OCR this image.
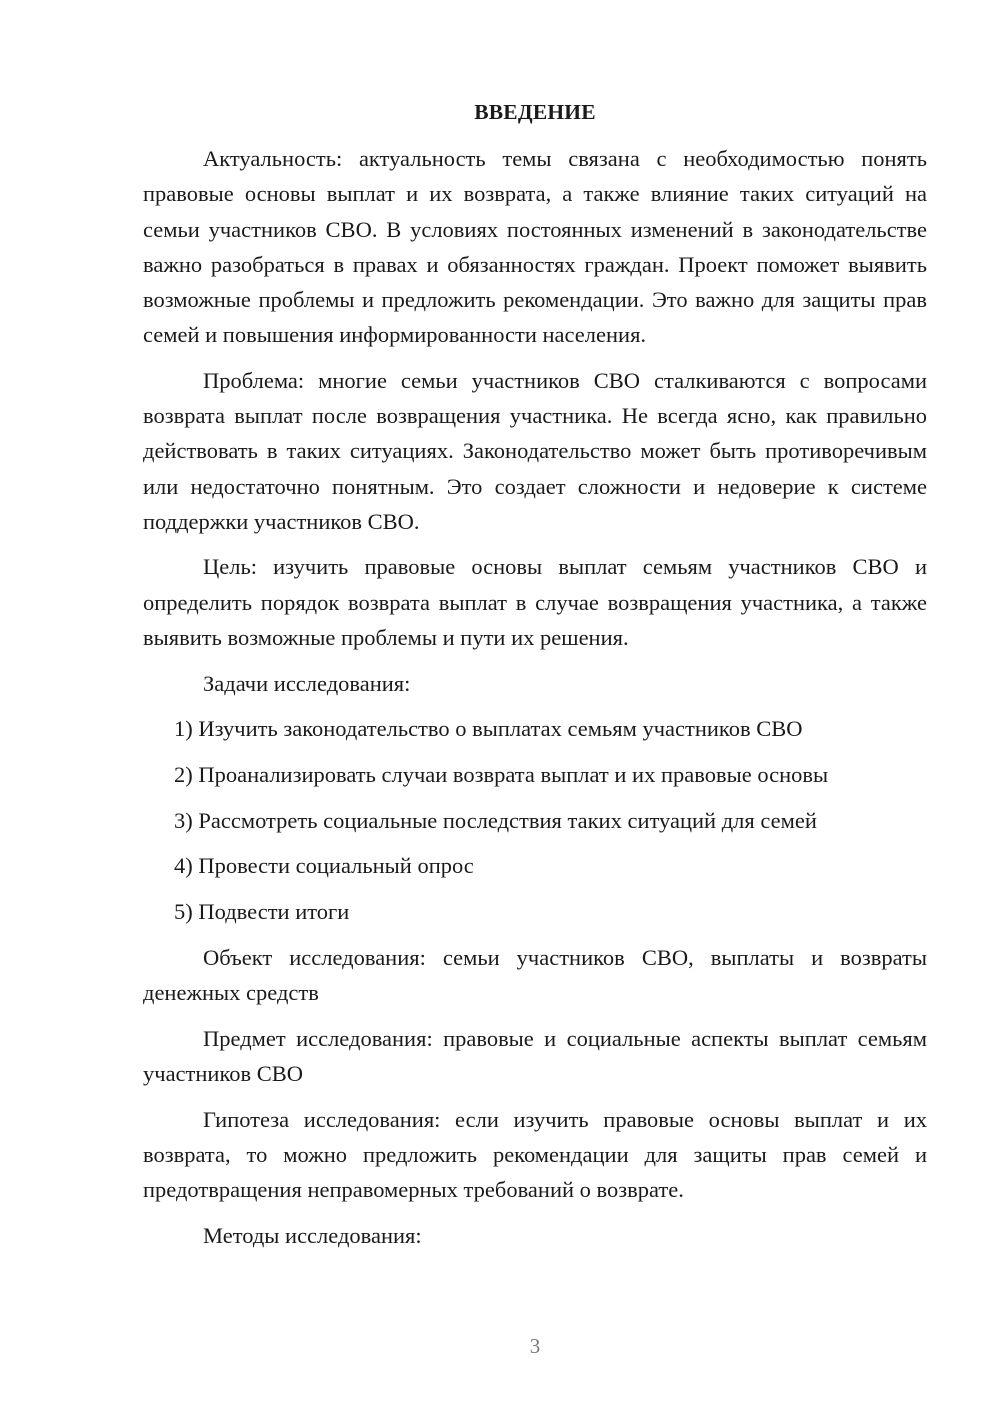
ВВЕДЕНИЕ

Актуальность: актуальность темы связана с необходимостью понять правовые основы выплат и их возврата, а также влияние таких ситуаций на семьи участников СВО. В условиях постоянных изменений в законодательстве важно разобраться в правах и обязанностях граждан. Проект поможет выявить возможные проблемы и предложить рекомендации. Это важно для защиты прав семей и повышения информированности населения.

Проблема: многие семьи участников СВО сталкиваются с вопросами возврата выплат после возвращения участника. Не всегда ясно, как правильно действовать в таких ситуациях. Законодательство может быть противоречивым или недостаточно понятным. Это создает сложности и недоверие к системе поддержки участников СВО.

Цель: изучить правовые основы выплат семьям участников СВО и определить порядок возврата выплат в случае возвращения участника, а также выявить возможные проблемы и пути их решения.

Задачи исследования:

1) Изучить законодательство о выплатах семьям участников СВО
2) Проанализировать случаи возврата выплат и их правовые основы
3) Рассмотреть социальные последствия таких ситуаций для семей
4) Провести социальный опрос
5) Подвести итоги

Объект исследования: семьи участников СВО, выплаты и возвраты денежных средств

Предмет исследования: правовые и социальные аспекты выплат семьям участников СВО

Гипотеза исследования: если изучить правовые основы выплат и их возврата, то можно предложить рекомендации для защиты прав семей и предотвращения неправомерных требований о возврате.

Методы исследования:

3
